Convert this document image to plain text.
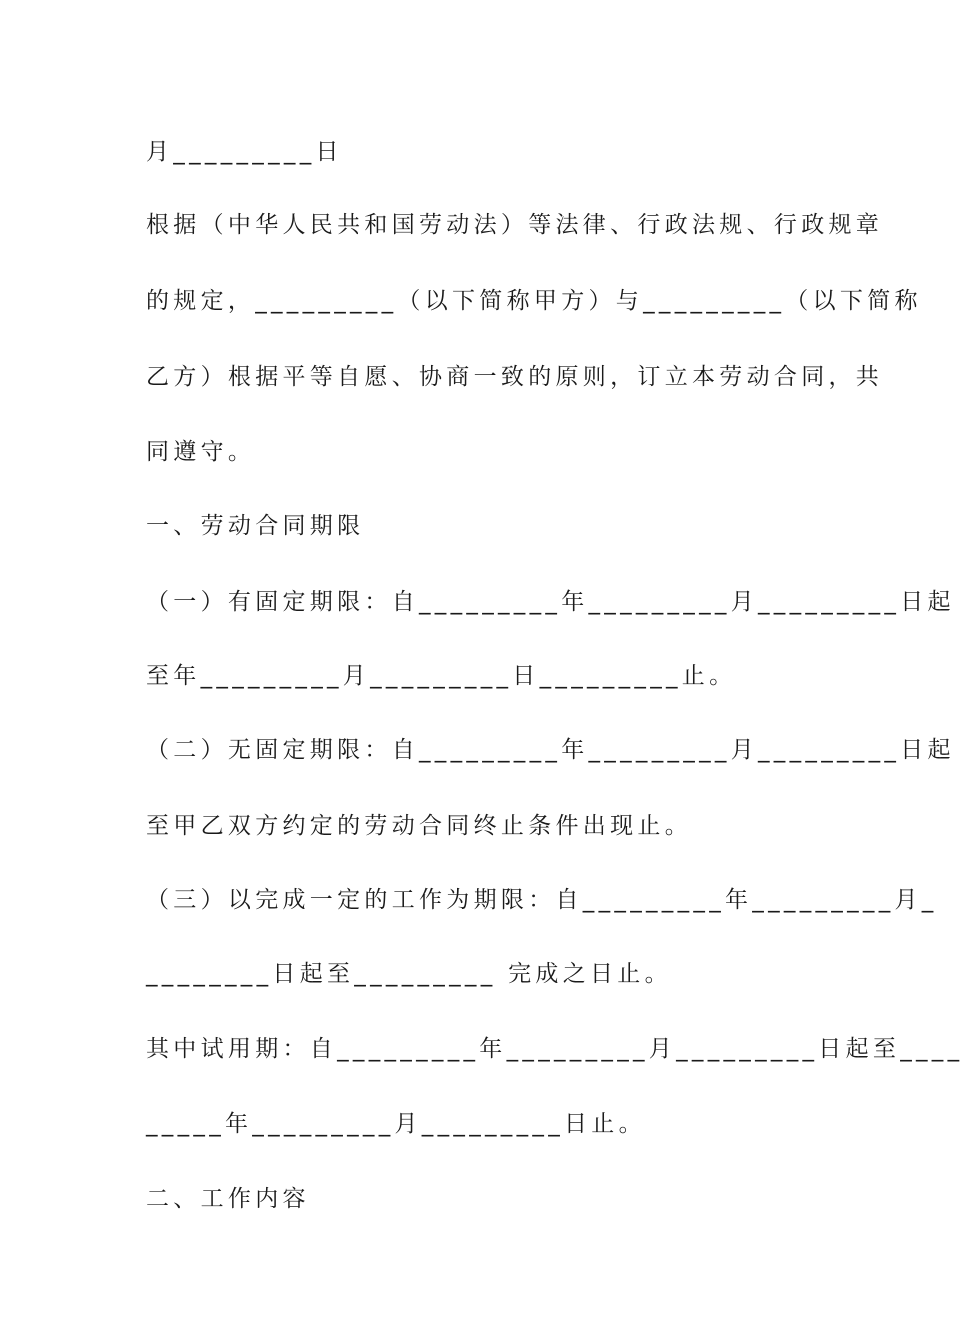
月_________日
根据（中华人民共和国劳动法）等法律、行政法规、行政规章
的规定，_________（以下简称甲方）与_________（以下简称
乙方）根据平等自愿、协商一致的原则，订立本劳动合同，共
同遵守。
一、劳动合同期限
（一）有固定期限：自_________年_________月_________日起
至年_________月_________日_________止。
（二）无固定期限：自_________年_________月_________日起
至甲乙双方约定的劳动合同终止条件出现止。
（三）以完成一定的工作为期限：自_________年_________月_
________日起至_________ 完成之日止。
其中试用期：自_________年_________月_________日起至____
_____年_________月_________日止。
二、工作内容
